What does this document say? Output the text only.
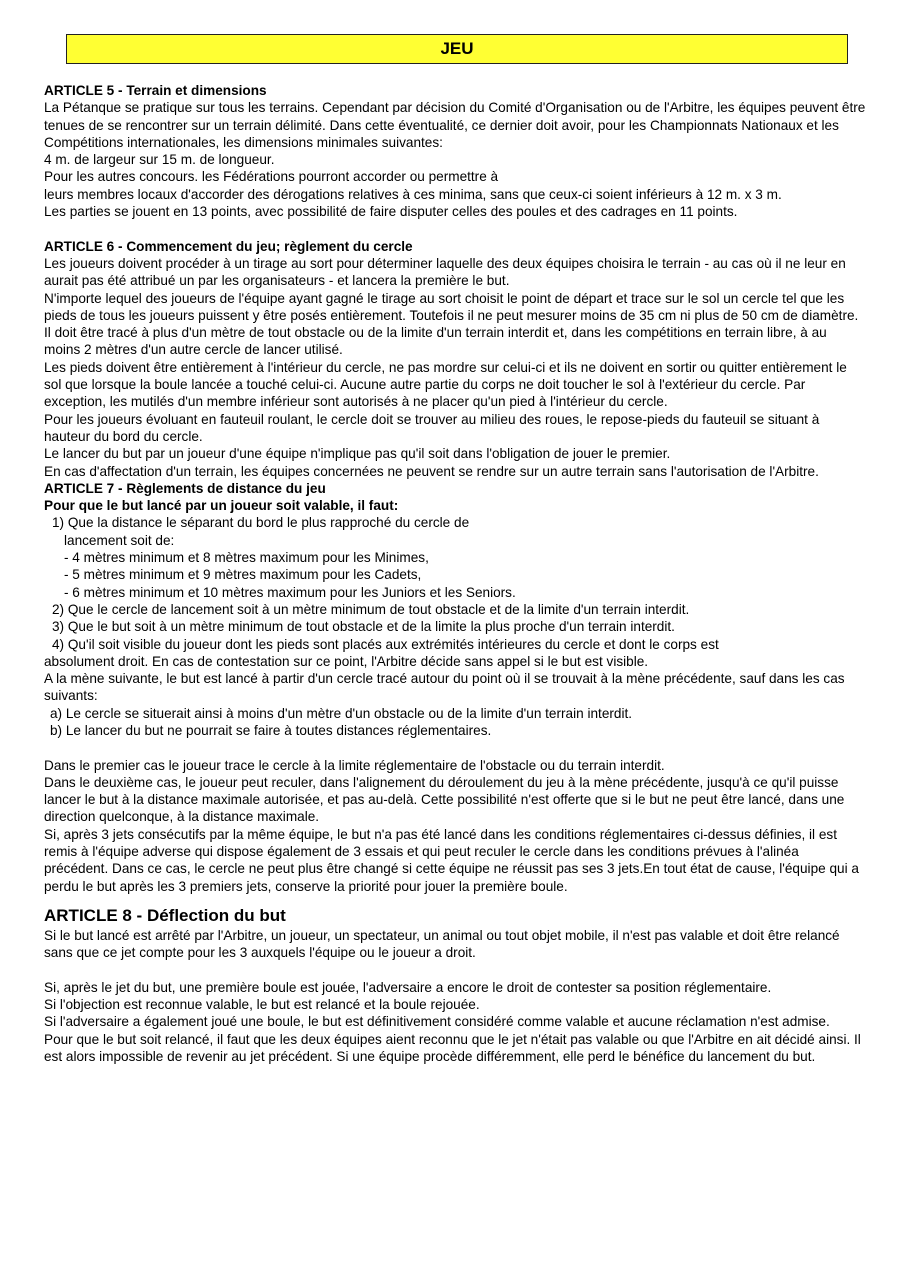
JEU

ARTICLE 5 - Terrain et dimensions

La Pétanque se pratique sur tous les terrains. Cependant par décision du Comité d'Organisation ou de l'Arbitre, les équipes peuvent être tenues de se rencontrer sur un terrain délimité. Dans cette éventualité, ce dernier doit avoir, pour les Championnats Nationaux et les Compétitions internationales, les dimensions minimales suivantes:

4 m. de largeur sur 15 m. de longueur.

Pour les autres concours. les Fédérations pourront accorder ou permettre à

leurs membres locaux d'accorder des dérogations relatives à ces minima, sans que ceux-ci soient inférieurs à 12 m. x 3 m.

Les parties se jouent en 13 points, avec possibilité de faire disputer celles des poules et des cadrages en 11 points.

ARTICLE 6 - Commencement du jeu; règlement du cercle

Les joueurs doivent procéder à un tirage au sort pour déterminer laquelle des deux équipes choisira le terrain - au cas où il ne leur en aurait pas été attribué un par les organisateurs - et lancera la première le but.

N'importe lequel des joueurs de l'équipe ayant gagné le tirage au sort choisit le point de départ et trace sur le sol un cercle tel que les pieds de tous les joueurs puissent y être posés entièrement. Toutefois il ne peut mesurer moins de 35 cm ni plus de 50 cm de diamètre. Il doit être tracé à plus d'un mètre de tout obstacle ou de la limite d'un terrain interdit et, dans les compétitions en terrain libre, à au moins 2 mètres d'un autre cercle de lancer utilisé.

Les pieds doivent être entièrement à l'intérieur du cercle, ne pas mordre sur celui-ci et ils ne doivent en sortir ou quitter entièrement le sol que lorsque la boule lancée a touché celui-ci. Aucune autre partie du corps ne doit toucher le sol à l'extérieur du cercle. Par exception, les mutilés d'un membre inférieur sont autorisés à ne placer qu'un pied à l'intérieur du cercle.

Pour les joueurs évoluant en fauteuil roulant, le cercle doit se trouver au milieu des roues, le repose-pieds du fauteuil se situant à hauteur du bord du cercle.

Le lancer du but par un joueur d'une équipe n'implique pas qu'il soit dans l'obligation de jouer le premier.

En cas d'affectation d'un terrain, les équipes concernées ne peuvent se rendre sur un autre terrain sans l'autorisation de l'Arbitre.

ARTICLE 7 - Règlements de distance du jeu

Pour que le but lancé par un joueur soit valable, il faut:

1) Que la distance le séparant du bord le plus rapproché du cercle de

lancement soit de:

- 4 mètres minimum et 8 mètres maximum pour les Minimes,

- 5 mètres minimum et 9 mètres maximum pour les Cadets,

- 6 mètres minimum et 10 mètres maximum pour les Juniors et les Seniors.

2) Que le cercle de lancement soit à un mètre minimum de tout obstacle et de la limite d'un terrain interdit.

3) Que le but soit à un mètre minimum de tout obstacle et de la limite la plus proche d'un terrain interdit.

4) Qu'il soit visible du joueur dont les pieds sont placés aux extrémités intérieures du cercle et dont le corps est

absolument droit. En cas de contestation sur ce point, l'Arbitre décide sans appel si le but est visible.

A la mène suivante, le but est lancé à partir d'un cercle tracé autour du point où il se trouvait à la mène précédente, sauf dans les cas suivants:

a) Le cercle se situerait ainsi à moins d'un mètre d'un obstacle ou de la limite d'un terrain interdit.

b) Le lancer du but ne pourrait se faire à toutes distances réglementaires.

Dans le premier cas le joueur trace le cercle à la limite réglementaire de l'obstacle ou du terrain interdit.

Dans le deuxième cas, le joueur peut reculer, dans l'alignement du déroulement du jeu à la mène précédente, jusqu'à ce qu'il puisse lancer le but à la distance maximale autorisée, et pas au-delà. Cette possibilité n'est offerte que si le but ne peut être lancé, dans une direction quelconque, à la distance maximale.

Si, après 3 jets consécutifs par la même équipe, le but n'a pas été lancé dans les conditions réglementaires ci-dessus définies, il est remis à l'équipe adverse qui dispose également de 3 essais et qui peut reculer le cercle dans les conditions prévues à l'alinéa précédent. Dans ce cas, le cercle ne peut plus être changé si cette équipe ne réussit pas ses 3 jets.En tout état de cause, l'équipe qui a perdu le but après les 3 premiers jets, conserve la priorité pour jouer la première boule.

ARTICLE 8 - Déflection du but

Si le but lancé est arrêté par l'Arbitre, un joueur, un spectateur, un animal ou tout objet mobile, il n'est pas valable et doit être relancé sans que ce jet compte pour les 3 auxquels l'équipe ou le joueur a droit.

Si, après le jet du but, une première boule est jouée, l'adversaire a encore le droit de contester sa position réglementaire.

Si l'objection est reconnue valable, le but est relancé et la boule rejouée.

Si l'adversaire a également joué une boule, le but est définitivement considéré comme valable et aucune réclamation n'est admise.

Pour que le but soit relancé, il faut que les deux équipes aient reconnu que le jet n'était pas valable ou que l'Arbitre en ait décidé ainsi. Il est alors impossible de revenir au jet précédent. Si une équipe procède différemment, elle perd le bénéfice du lancement du but.
